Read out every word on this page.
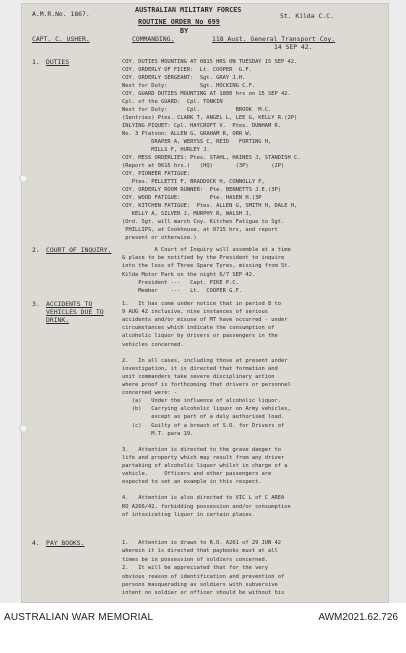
A.M.R.No. 1867.	AUSTRALIAN MILITARY FORCES
St. Kilda C.C.
ROUTINE ORDER No 699
BY
CAPT. C. USHER.	COMMANDING.	118 Aust. General Transport Coy.
14 SEP 42.
1. DUTIES	COY. DUTIES MOUNTING AT 0815 HRS ON TUESDAY 15 SEP 42.
COY. ORDERLY OF FICER:  Lt. COOPER  G.F.
COY. ORDERLY SERGEANT:  Sgt. GRAY J.H.
Next for Duty:          Sgt. HOCKING C.F.
COY. GUARD DUTIES MOUNTING AT 1800 hrs on 15 SEP 42.
Cpl. of the GUARD:  Cpl. TONKIN
Next for Duty:      Cpl.           BROOK  M.C.
(Sentries) Ptes. CLARK T, ANGEL L, LEE G, KELLY R.(2P)
INLYING PIQUET: Cpl. HAYCROFT V.  Ptes. DUNHAM R.
No. 3 Platoon: ALLEN G, GRAHAM R, ORR W,
DRAPER A, WERYSS C, REID   FORTING H,
MILLS F, HURLEY J.
COY. MESS ORDERLIES: Ptes. STAHL, HAINES J, STANDISH C.
(Report at 0615 hrs.)   (HQ)       (3P)       (2P)
COY. PIONEER FATIGUE:
Ptes. PELLETTI F, BRADDOCK H, CONNOLLY F,
COY. ORDERLY ROOM RUNNER:  Pte. BENNETTS J.E.(3P)
COY. WOOD FATIGUE:         Pte. HASEN H.(3P
COY. KITCHEN FATIGUE:  Ptes. ALLEN G, SMITH H, DALE H,
KELLY A, SILVER J, MURPHY R, WALSH J,
(Ord. Sgt. will march Coy. Kitchen Fatigue to Sgt.
PHILLIPS, at Cookhouse, at 0715 hrs, and report
present or otherwise.)
2. COURT OF INQUIRY.	A Court of Inquiry will assemble at a time
& place to be notified by the President to inquire
into the loss of Three Spare Tyres, missing from St.
Kilda Motor Park on the night 6/7 SEP 42.
President ---   Capt. PIKE P.C.
Member    ---   Lt.  COOPER G.F.
3. ACCIDENTS TO VEHICLES DUE TO DRINK.
1.   It has come under notice that in period 8 to
9 AUG 42 inclusive, nine instances of serious
accidents and/or misuse of MT have occurred - under
circumstances which indicate the consumption of
alcoholic liquor by drivers or passengers in the
vehicles concerned.
2.   In all cases, including those at present under
investigation, it is directed that formation and
unit commanders take severe disciplinary action
where proof is forthcoming that drivers or personnel
concerned were: -
(a)   Under the influence of alcoholic liquor.
(b)   Carrying alcoholic liquor on Army vehicles,
except as part of a duly authorised load.
(c)   Guilty of a breach of S.O. for Drivers of
M.T. para 19.
3.   Attention is directed to the grave danger to
life and property which may result from any driver
partaking of alcoholic liquor whilst in charge of a
vehicle.     Officers and other passengers are
expected to set an example in this respect.
4.   Attention is also directed to VIC L of C AREA
RO A266/42, forbidding possession and/or consumption
of intoxicating liquor in certain places.
4. PAY BOOKS.	1.   Attention is drawn to R.O. A261 of 29 JUN 42
wherein it is directed that paybooks must at all
times be in possession of soldiers concerned.
2.   It will be appreciated that for the very
obvious reason of identification and prevention of
persons masquerading as soldiers with subversive
intent no soldier or officer should be without his
AUSTRALIAN WAR MEMORIAL	AWM2021.62.726
